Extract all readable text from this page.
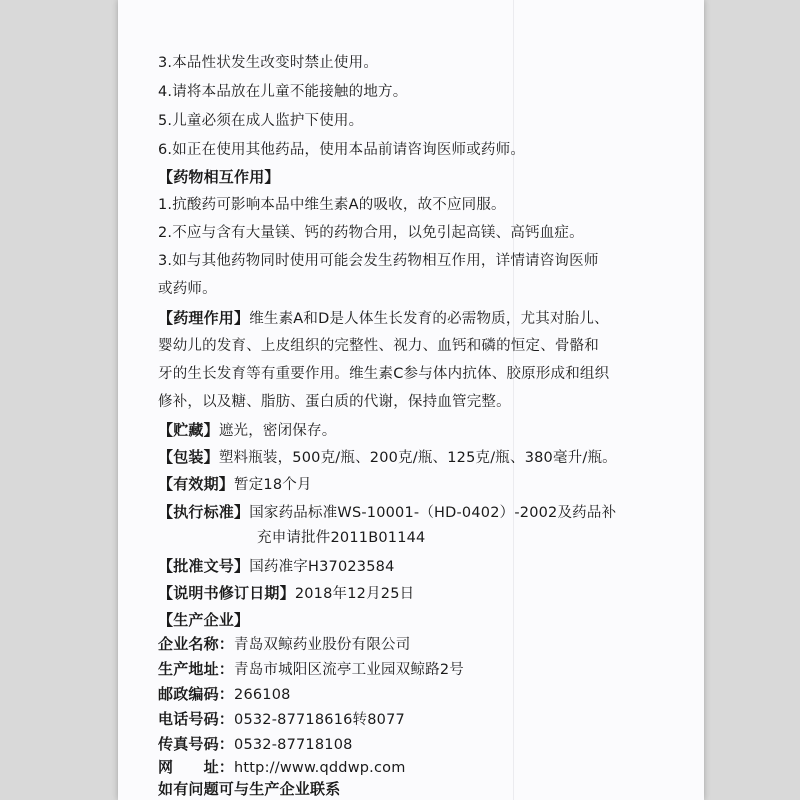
3.本品性状发生改变时禁止使用。
4.请将本品放在儿童不能接触的地方。
5.儿童必须在成人监护下使用。
6.如正在使用其他药品，使用本品前请咨询医师或药师。
【药物相互作用】
1.抗酸药可影响本品中维生素A的吸收，故不应同服。
2.不应与含有大量镁、钙的药物合用，以免引起高镁、高钙血症。
3.如与其他药物同时使用可能会发生药物相互作用，详情请咨询医师
或药师。
【药理作用】维生素A和D是人体生长发育的必需物质，尤其对胎儿、
婴幼儿的发育、上皮组织的完整性、视力、血钙和磷的恒定、骨骼和
牙的生长发育等有重要作用。维生素C参与体内抗体、胶原形成和组织
修补，以及糖、脂肪、蛋白质的代谢，保持血管完整。
【贮藏】遮光，密闭保存。
【包装】塑料瓶装，500克/瓶、200克/瓶、125克/瓶、380毫升/瓶。
【有效期】暂定18个月
【执行标准】国家药品标准WS-10001-（HD-0402）-2002及药品补
充申请批件2011B01144
【批准文号】国药准字H37023584
【说明书修订日期】2018年12月25日
【生产企业】
企业名称：青岛双鲸药业股份有限公司
生产地址：青岛市城阳区流亭工业园双鲸路2号
邮政编码：266108
电话号码：0532-87718616转8077
传真号码：0532-87718108
网　　址：http://www.qddwp.com
如有问题可与生产企业联系
